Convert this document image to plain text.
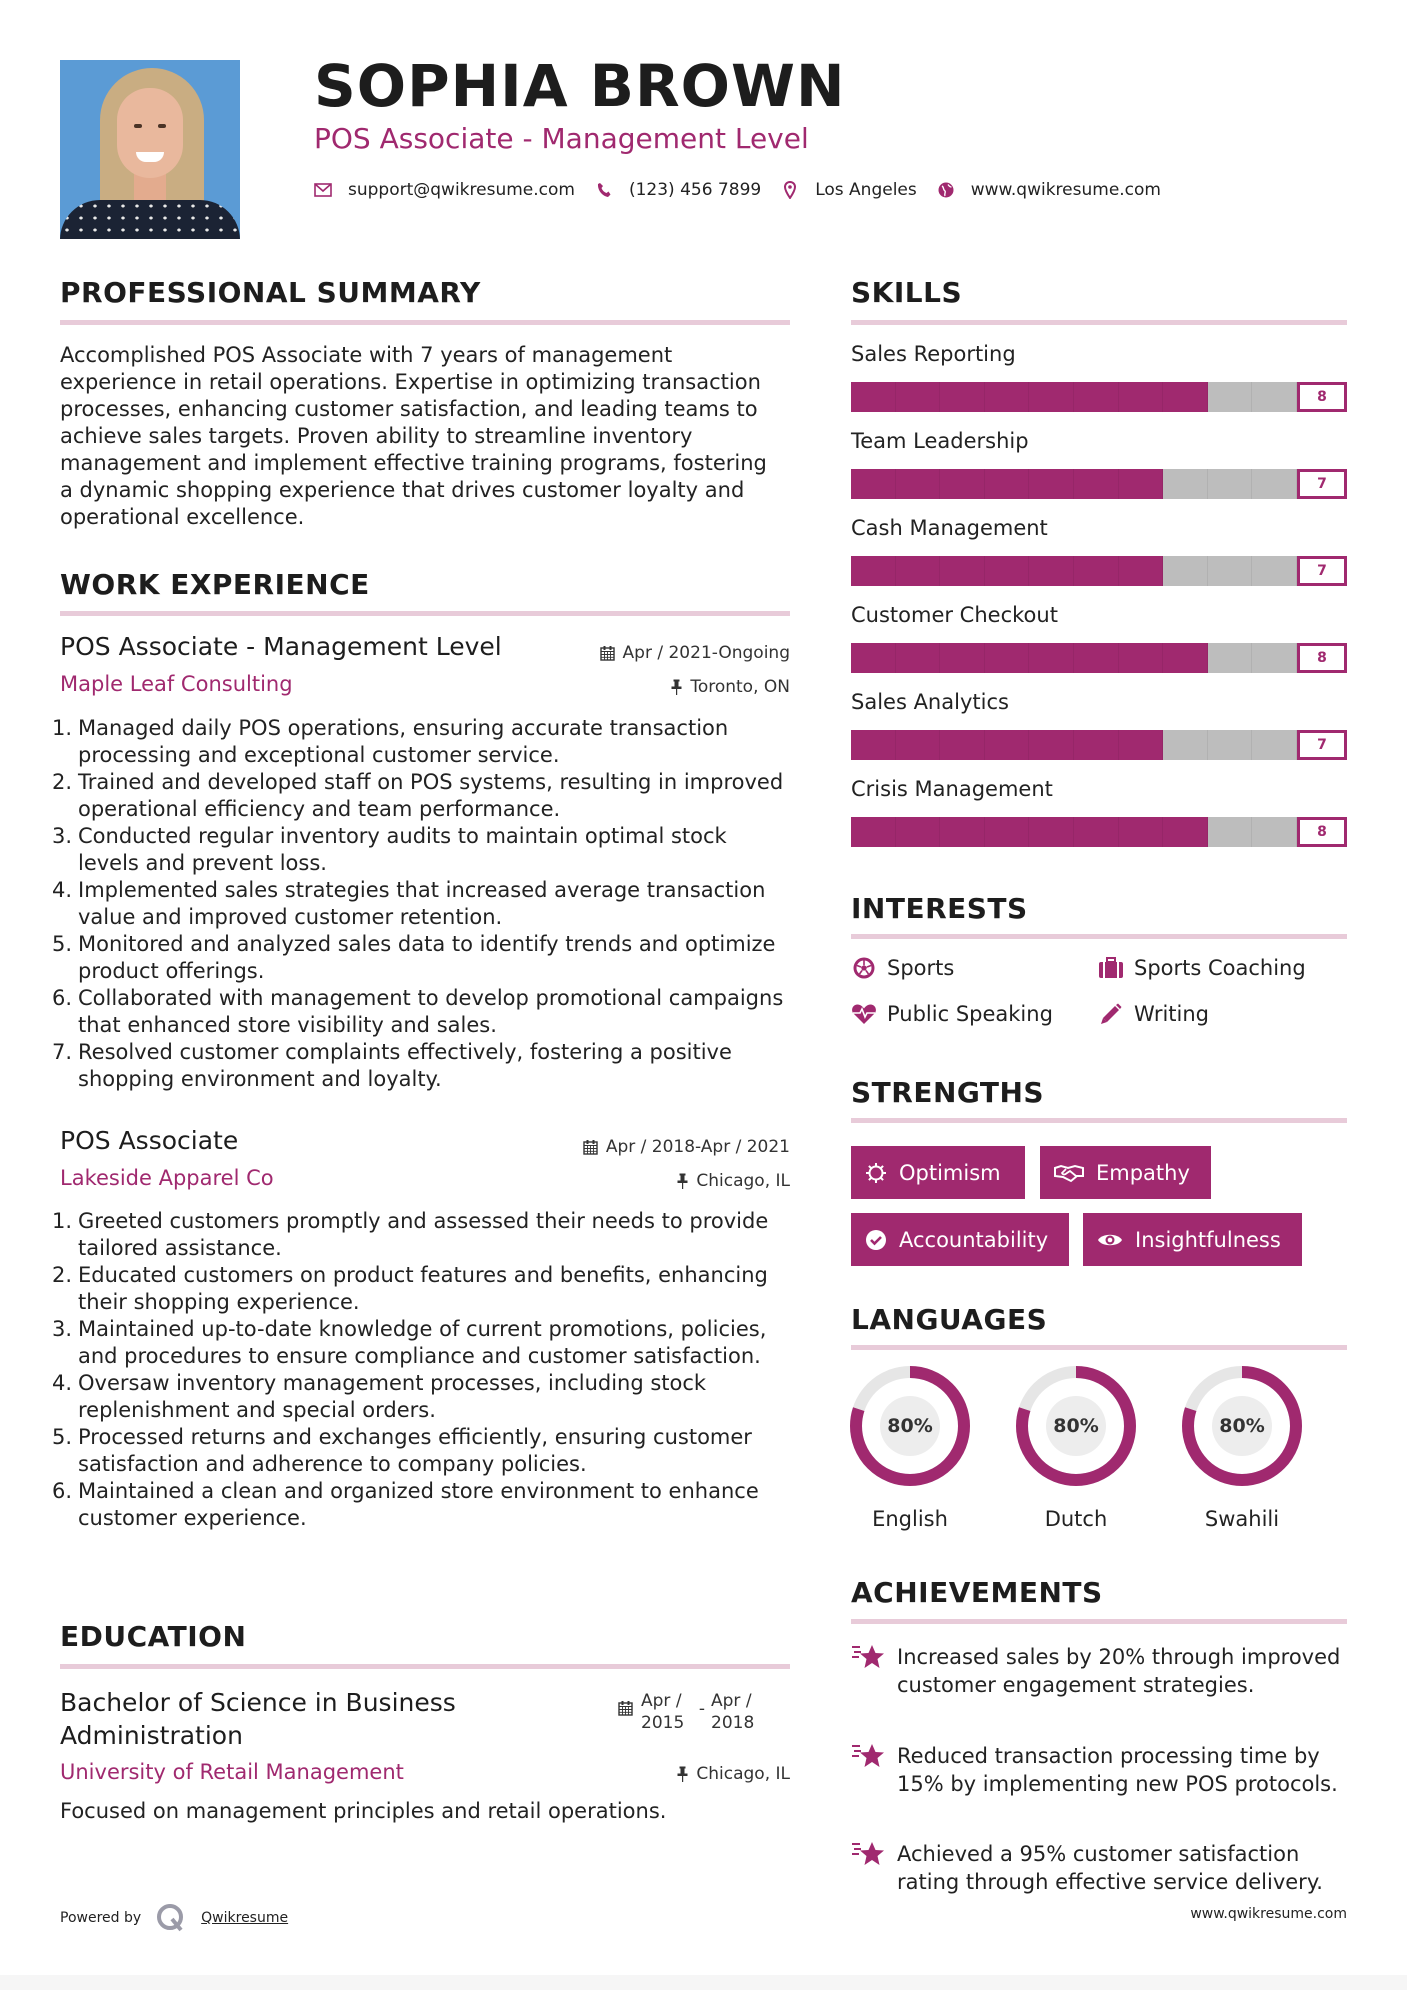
SOPHIA BROWN
POS Associate - Management Level
support@qwikresume.com	(123) 456 7899	Los Angeles	www.qwikresume.com
PROFESSIONAL SUMMARY
Accomplished POS Associate with 7 years of management experience in retail operations. Expertise in optimizing transaction processes, enhancing customer satisfaction, and leading teams to achieve sales targets. Proven ability to streamline inventory management and implement effective training programs, fostering a dynamic shopping experience that drives customer loyalty and operational excellence.
WORK EXPERIENCE
POS Associate - Management Level	Apr / 2021-Ongoing
Maple Leaf Consulting	Toronto, ON
1. Managed daily POS operations, ensuring accurate transaction processing and exceptional customer service.
2. Trained and developed staff on POS systems, resulting in improved operational efficiency and team performance.
3. Conducted regular inventory audits to maintain optimal stock levels and prevent loss.
4. Implemented sales strategies that increased average transaction value and improved customer retention.
5. Monitored and analyzed sales data to identify trends and optimize product offerings.
6. Collaborated with management to develop promotional campaigns that enhanced store visibility and sales.
7. Resolved customer complaints effectively, fostering a positive shopping environment and loyalty.
POS Associate	Apr / 2018-Apr / 2021
Lakeside Apparel Co	Chicago, IL
1. Greeted customers promptly and assessed their needs to provide tailored assistance.
2. Educated customers on product features and benefits, enhancing their shopping experience.
3. Maintained up-to-date knowledge of current promotions, policies, and procedures to ensure compliance and customer satisfaction.
4. Oversaw inventory management processes, including stock replenishment and special orders.
5. Processed returns and exchanges efficiently, ensuring customer satisfaction and adherence to company policies.
6. Maintained a clean and organized store environment to enhance customer experience.
EDUCATION
Bachelor of Science in Business Administration
Apr / 2015
- Apr / 2018
University of Retail Management	Chicago, IL
Focused on management principles and retail operations.
SKILLS
Sales Reporting
8
Team Leadership
7
Cash Management
7
Customer Checkout
8
Sales Analytics
7
Crisis Management
8
INTERESTS
Sports	Sports Coaching
Public Speaking	Writing
STRENGTHS
Optimism	Empathy
Accountability	Insightfulness
LANGUAGES
80%
English
80%
Dutch
80%
Swahili
ACHIEVEMENTS
Increased sales by 20% through improved customer engagement strategies.
Reduced transaction processing time by 15% by implementing new POS protocols.
Achieved a 95% customer satisfaction rating through effective service delivery.
Powered by	Qwikresume	www.qwikresume.com
